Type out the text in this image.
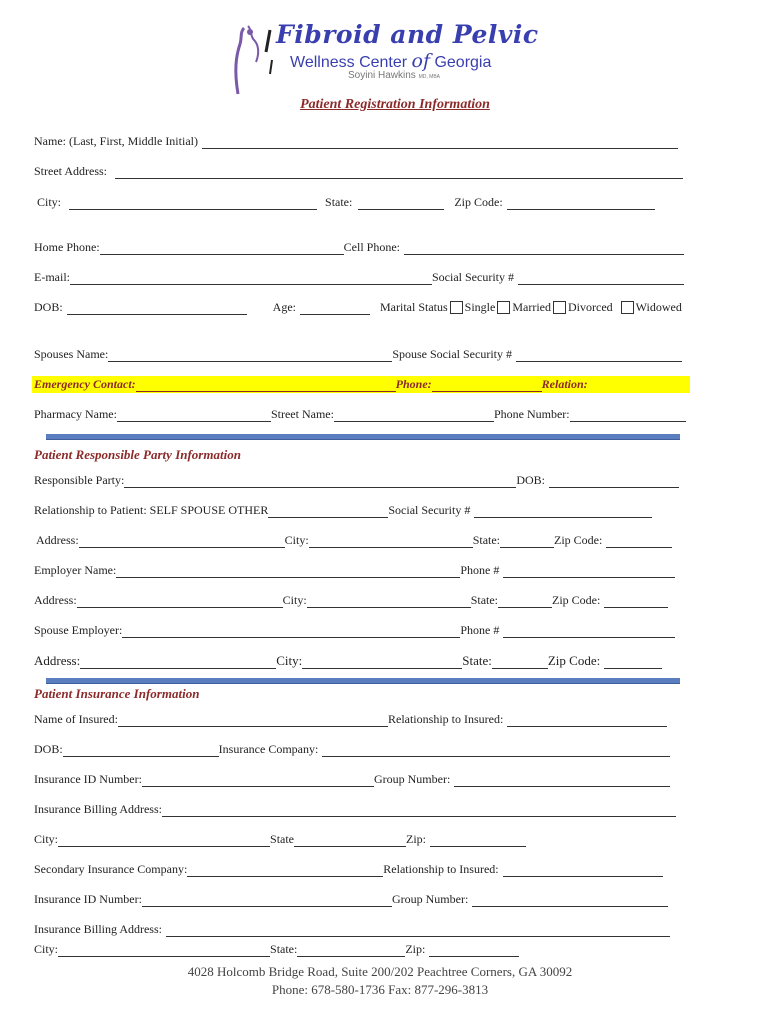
Fibroid and Pelvic
Wellness Center of Georgia
Soyini Hawkins MD, MBA
Patient Registration Information
Name: (Last, First, Middle Initial)
Street Address:
City:	State:	Zip Code:
Home Phone:	Cell Phone:
E-mail:	Social Security #
DOB:	Age:	Marital Status Single Married Divorced Widowed
Spouses Name:	Spouse Social Security #
Emergency Contact:	Phone:	Relation:
Pharmacy Name:	Street Name:	Phone Number:
Patient Responsible Party Information
Responsible Party:	DOB:
Relationship to Patient: SELF SPOUSE OTHER	Social Security #
Address:	City:	State:	Zip Code:
Employer Name:	Phone #
Address:	City:	State:	Zip Code:
Spouse Employer:	Phone #
Address:	City:	State:	Zip Code:
Patient Insurance Information
Name of Insured:	Relationship to Insured:
DOB:	Insurance Company:
Insurance ID Number:	Group Number:
Insurance Billing Address:
City:	State	Zip:
Secondary Insurance Company:	Relationship to Insured:
Insurance ID Number:	Group Number:
Insurance Billing Address:
City:	State:	Zip:
4028 Holcomb Bridge Road, Suite 200/202 Peachtree Corners, GA 30092
Phone: 678-580-1736 Fax: 877-296-3813
